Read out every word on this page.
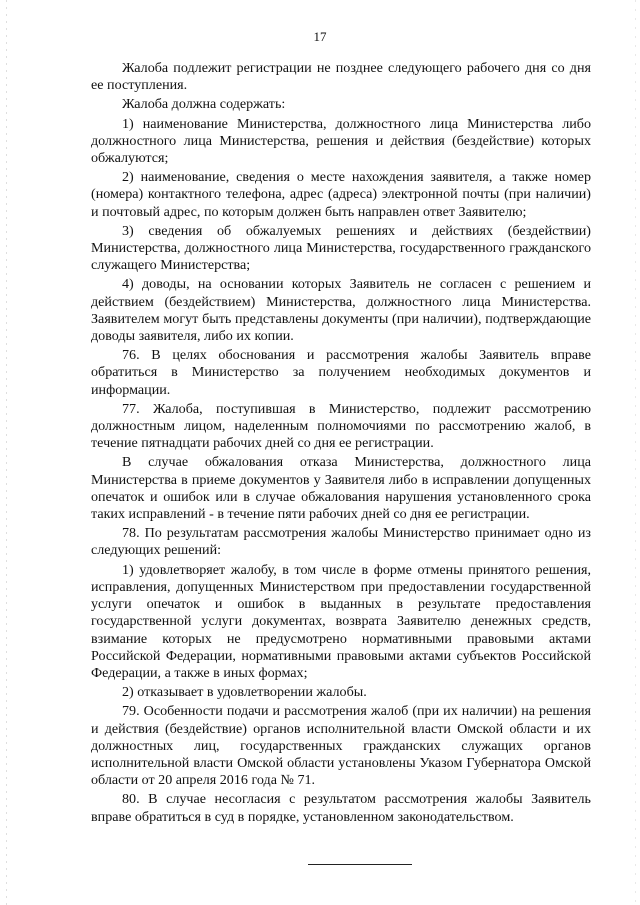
17

Жалоба подлежит регистрации не позднее следующего рабочего дня со дня ее поступления.

Жалоба должна содержать:

1) наименование Министерства, должностного лица Министерства либо должностного лица Министерства, решения и действия (бездействие) которых обжалуются;

2) наименование, сведения о месте нахождения заявителя, а также номер (номера) контактного телефона, адрес (адреса) электронной почты (при наличии) и почтовый адрес, по которым должен быть направлен ответ Заявителю;

3) сведения об обжалуемых решениях и действиях (бездействии) Министерства, должностного лица Министерства, государственного гражданского служащего Министерства;

4) доводы, на основании которых Заявитель не согласен с решением и действием (бездействием) Министерства, должностного лица Министерства. Заявителем могут быть представлены документы (при наличии), подтверждающие доводы заявителя, либо их копии.

76. В целях обоснования и рассмотрения жалобы Заявитель вправе обратиться в Министерство за получением необходимых документов и информации.

77. Жалоба, поступившая в Министерство, подлежит рассмотрению должностным лицом, наделенным полномочиями по рассмотрению жалоб, в течение пятнадцати рабочих дней со дня ее регистрации.

В случае обжалования отказа Министерства, должностного лица Министерства в приеме документов у Заявителя либо в исправлении допущенных опечаток и ошибок или в случае обжалования нарушения установленного срока таких исправлений - в течение пяти рабочих дней со дня ее регистрации.

78. По результатам рассмотрения жалобы Министерство принимает одно из следующих решений:

1) удовлетворяет жалобу, в том числе в форме отмены принятого решения, исправления, допущенных Министерством при предоставлении государственной услуги опечаток и ошибок в выданных в результате предоставления государственной услуги документах, возврата Заявителю денежных средств, взимание которых не предусмотрено нормативными правовыми актами Российской Федерации, нормативными правовыми актами субъектов Российской Федерации, а также в иных формах;

2) отказывает в удовлетворении жалобы.

79. Особенности подачи и рассмотрения жалоб (при их наличии) на решения и действия (бездействие) органов исполнительной власти Омской области и их должностных лиц, государственных гражданских служащих органов исполнительной власти Омской области установлены Указом Губернатора Омской области от 20 апреля 2016 года № 71.

80. В случае несогласия с результатом рассмотрения жалобы Заявитель вправе обратиться в суд в порядке, установленном законодательством.
